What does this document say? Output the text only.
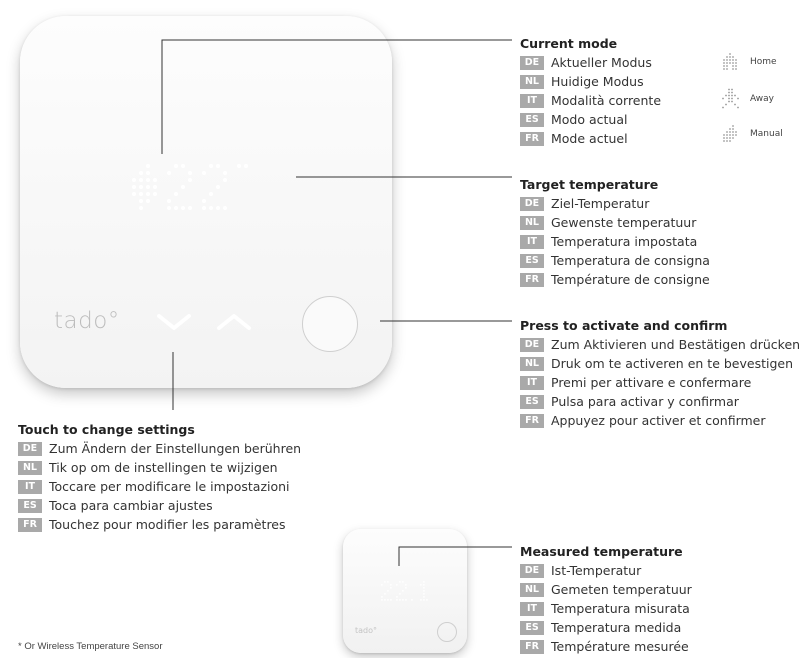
tado°
tado°
Current mode
DE Aktueller Modus
NL Huidige Modus
IT	Modalità corrente
ES Modo actual
FR Mode actuel
Home
Away
Manual
Target temperature
DE Ziel-Temperatur
NL Gewenste temperatuur
IT	Temperatura impostata
ES Temperatura de consigna
FR Température de consigne
Press to activate and confirm
DE Zum Aktivieren und Bestätigen drücken
NL Druk om te activeren en te bevestigen
IT	Premi per attivare e confermare
ES Pulsa para activar y confirmar
FR Appuyez pour activer et confirmer
Touch to change settings
DE Zum Ändern der Einstellungen berühren
NL Tik op om de instellingen te wijzigen
IT	Toccare per modificare le impostazioni
ES Toca para cambiar ajustes
FR Touchez pour modifier les paramètres
Measured temperature
DE Ist-Temperatur
NL Gemeten temperatuur
IT	Temperatura misurata
ES Temperatura medida
FR Température mesurée
* Or Wireless Temperature Sensor
